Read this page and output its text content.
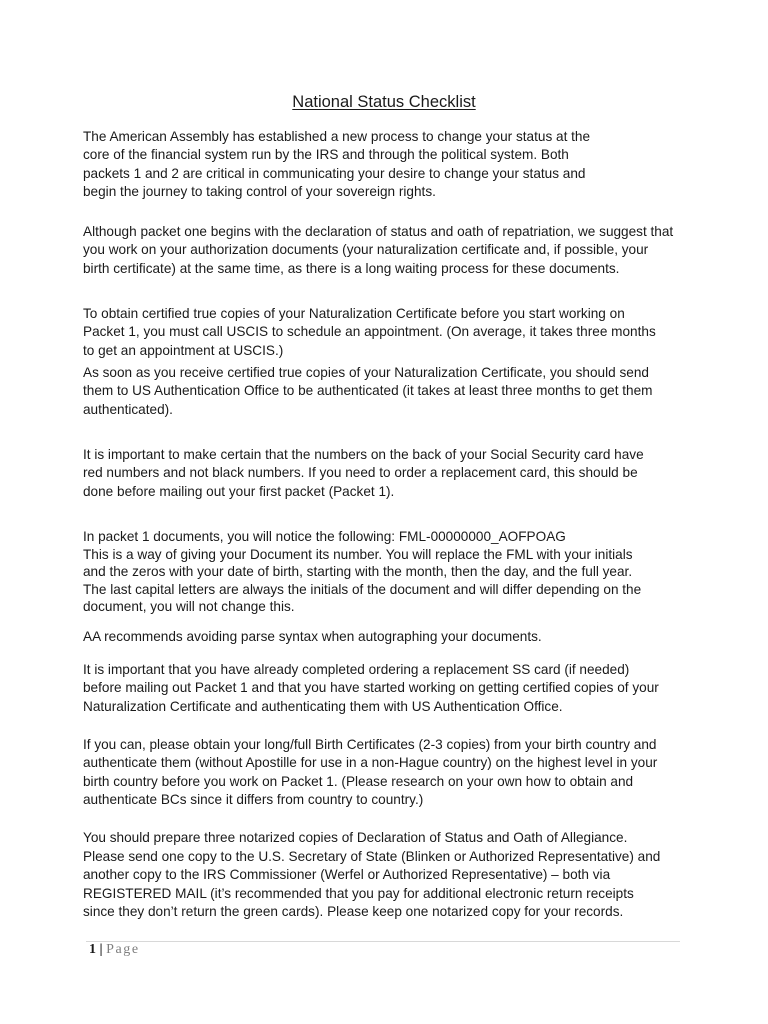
National Status Checklist

The American Assembly has established a new process to change your status at the
core of the financial system run by the IRS and through the political system. Both
packets 1 and 2 are critical in communicating your desire to change your status and
begin the journey to taking control of your sovereign rights.

Although packet one begins with the declaration of status and oath of repatriation, we suggest that
you work on your authorization documents (your naturalization certificate and, if possible, your
birth certificate) at the same time, as there is a long waiting process for these documents.

To obtain certified true copies of your Naturalization Certificate before you start working on
Packet 1, you must call USCIS to schedule an appointment. (On average, it takes three months
to get an appointment at USCIS.)

As soon as you receive certified true copies of your Naturalization Certificate, you should send
them to US Authentication Office to be authenticated (it takes at least three months to get them
authenticated).

It is important to make certain that the numbers on the back of your Social Security card have
red numbers and not black numbers. If you need to order a replacement card, this should be
done before mailing out your first packet (Packet 1).

In packet 1 documents, you will notice the following: FML-00000000_AOFPOAG

This is a way of giving your Document its number. You will replace the FML with your initials
and the zeros with your date of birth, starting with the month, then the day, and the full year.
The last capital letters are always the initials of the document and will differ depending on the
document, you will not change this.

AA recommends avoiding parse syntax when autographing your documents.

It is important that you have already completed ordering a replacement SS card (if needed)
before mailing out Packet 1 and that you have started working on getting certified copies of your
Naturalization Certificate and authenticating them with US Authentication Office.

If you can, please obtain your long/full Birth Certificates (2-3 copies) from your birth country and
authenticate them (without Apostille for use in a non-Hague country) on the highest level in your
birth country before you work on Packet 1. (Please research on your own how to obtain and
authenticate BCs since it differs from country to country.)

You should prepare three notarized copies of Declaration of Status and Oath of Allegiance.
Please send one copy to the U.S. Secretary of State (Blinken or Authorized Representative) and
another copy to the IRS Commissioner (Werfel or Authorized Representative) – both via
REGISTERED MAIL (it’s recommended that you pay for additional electronic return receipts
since they don’t return the green cards). Please keep one notarized copy for your records.

1 | Page
